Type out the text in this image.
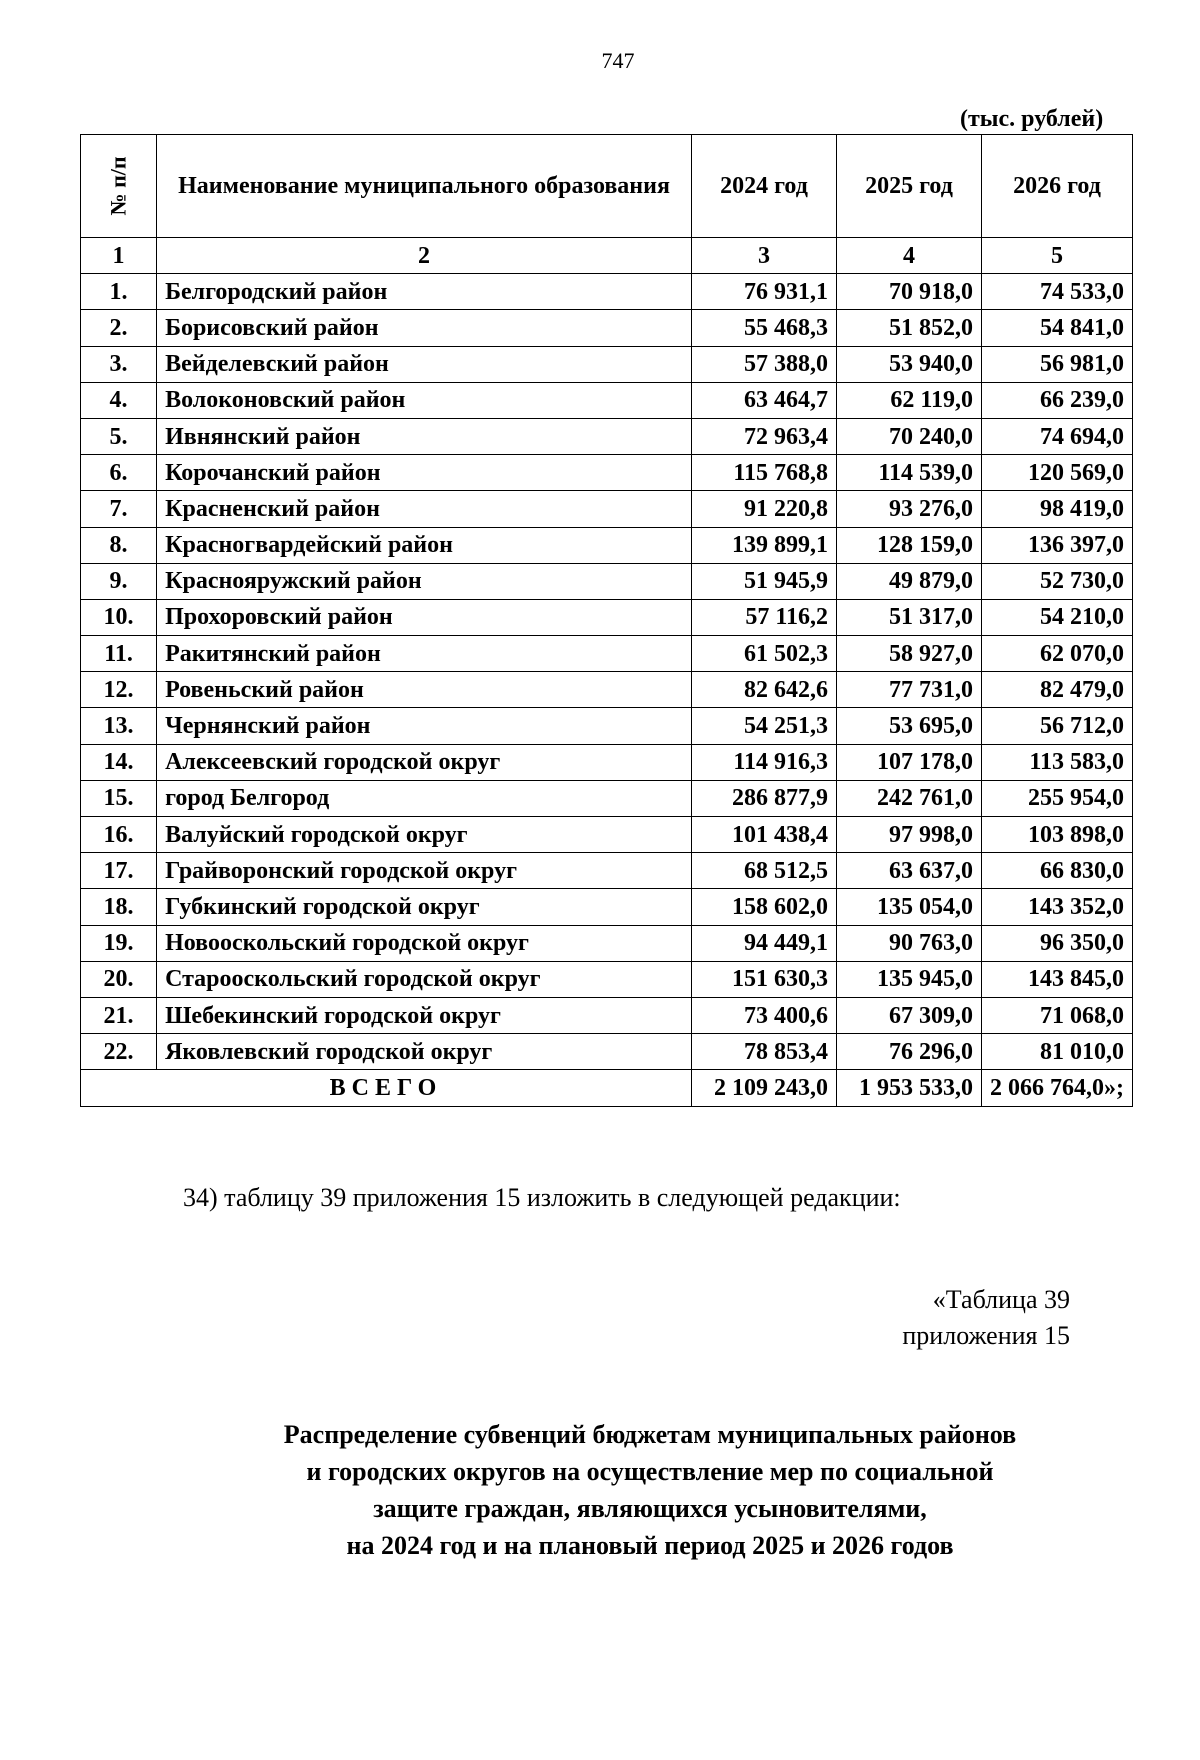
747
(тыс. рублей)
№ п/п	Наименование муниципального образования	2024 год	2025 год	2026 год
1	2	3	4	5
1.	Белгородский район	76 931,1	70 918,0	74 533,0
2.	Борисовский район	55 468,3	51 852,0	54 841,0
3.	Вейделевский район	57 388,0	53 940,0	56 981,0
4.	Волоконовский район	63 464,7	62 119,0	66 239,0
5.	Ивнянский район	72 963,4	70 240,0	74 694,0
6.	Корочанский район	115 768,8	114 539,0	120 569,0
7.	Красненский район	91 220,8	93 276,0	98 419,0
8.	Красногвардейский район	139 899,1	128 159,0	136 397,0
9.	Краснояружский район	51 945,9	49 879,0	52 730,0
10.	Прохоровский район	57 116,2	51 317,0	54 210,0
11.	Ракитянский район	61 502,3	58 927,0	62 070,0
12.	Ровеньский район	82 642,6	77 731,0	82 479,0
13.	Чернянский район	54 251,3	53 695,0	56 712,0
14.	Алексеевский городской округ	114 916,3	107 178,0	113 583,0
15.	город Белгород	286 877,9	242 761,0	255 954,0
16.	Валуйский городской округ	101 438,4	97 998,0	103 898,0
17.	Грайворонский городской округ	68 512,5	63 637,0	66 830,0
18.	Губкинский городской округ	158 602,0	135 054,0	143 352,0
19.	Новооскольский городской округ	94 449,1	90 763,0	96 350,0
20.	Старооскольский городской округ	151 630,3	135 945,0	143 845,0
21.	Шебекинский городской округ	73 400,6	67 309,0	71 068,0
22.	Яковлевский городской округ	78 853,4	76 296,0	81 010,0
ВСЕГО		2 109 243,0	1 953 533,0	2 066 764,0»;
34) таблицу 39 приложения 15 изложить в следующей редакции:
«Таблица 39
приложения 15
Распределение субвенций бюджетам муниципальных районов
и городских округов на осуществление мер по социальной
защите граждан, являющихся усыновителями,
на 2024 год и на плановый период 2025 и 2026 годов
